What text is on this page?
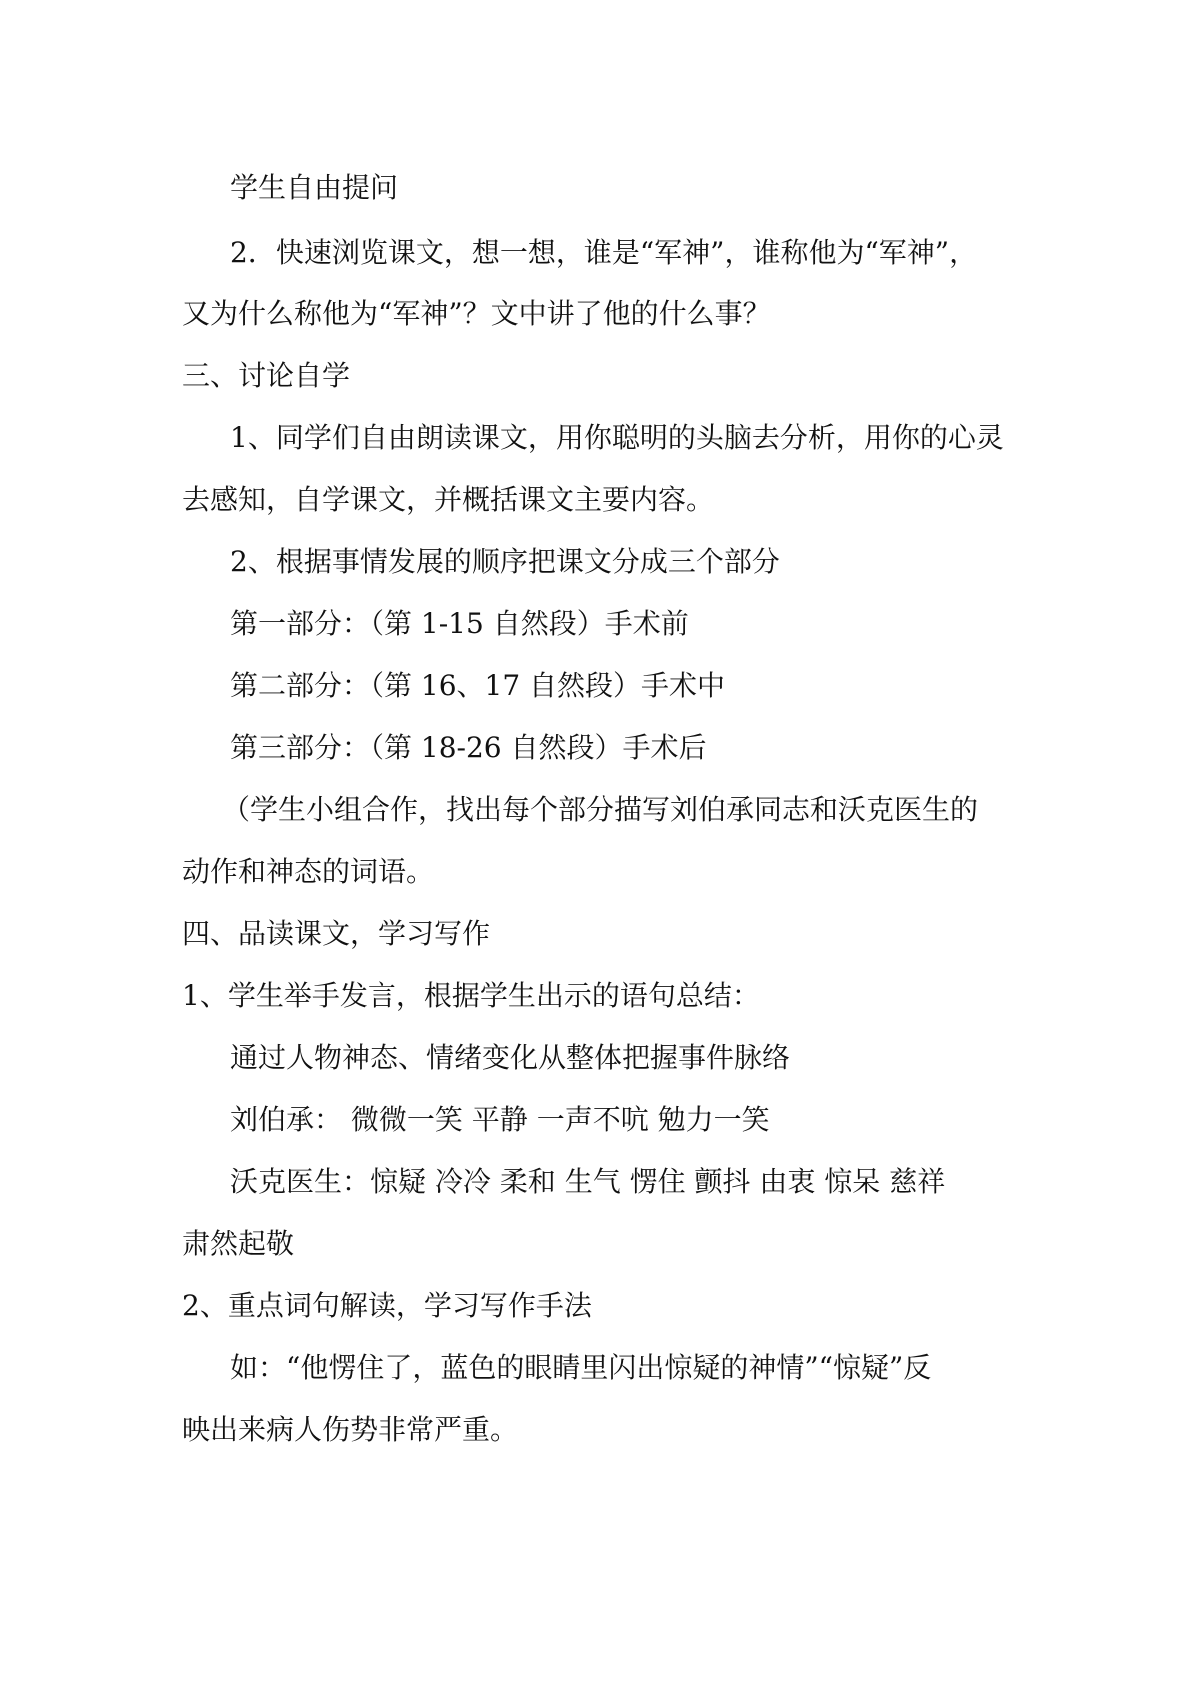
学生自由提问
2．快速浏览课文，想一想，谁是“军神”，谁称他为“军神”，
又为什么称他为“军神”？文中讲了他的什么事？
三、讨论自学
1、同学们自由朗读课文，用你聪明的头脑去分析，用你的心灵
去感知，自学课文，并概括课文主要内容。
2、根据事情发展的顺序把课文分成三个部分
第一部分：（第 1-15 自然段）手术前
第二部分：（第 16、17 自然段）手术中
第三部分：（第 18-26 自然段）手术后
（学生小组合作，找出每个部分描写刘伯承同志和沃克医生的
动作和神态的词语。
四、品读课文，学习写作
1、学生举手发言，根据学生出示的语句总结：
通过人物神态、情绪变化从整体把握事件脉络
刘伯承： 微微一笑 平静 一声不吭 勉力一笑
沃克医生：惊疑 冷冷 柔和 生气 愣住 颤抖 由衷 惊呆 慈祥
肃然起敬
2、重点词句解读，学习写作手法
如：“他愣住了，蓝色的眼睛里闪出惊疑的神情”“惊疑”反
映出来病人伤势非常严重。
